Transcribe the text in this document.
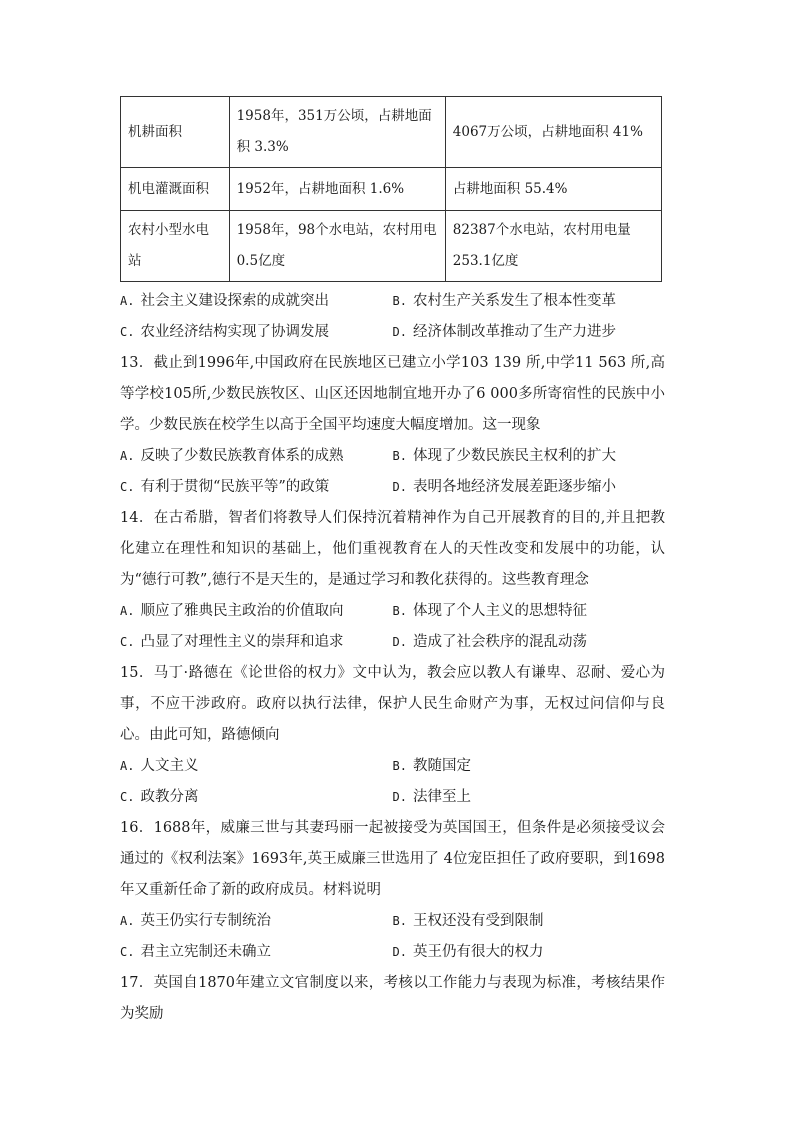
机耕面积	1958年，351万公顷，占耕地面积 3.3%	4067万公顷，占耕地面积 41%
机电灌溉面积	1952年，占耕地面积 1.6%	占耕地面积 55.4%
农村小型水电站	1958年，98个水电站，农村用电 0.5亿度	82387个水电站，农村用电量 253.1亿度
A. 社会主义建设探索的成就突出	B. 农村生产关系发生了根本性变革
C. 农业经济结构实现了协调发展	D. 经济体制改革推动了生产力进步

13．截止到1996年,中国政府在民族地区已建立小学103 139 所,中学11 563 所,高等学校105所,少数民族牧区、山区还因地制宜地开办了6 000多所寄宿性的民族中小学。少数民族在校学生以高于全国平均速度大幅度增加。这一现象

A. 反映了少数民族教育体系的成熟	B. 体现了少数民族民主权利的扩大
C. 有利于贯彻“民族平等”的政策	D. 表明各地经济发展差距逐步缩小

14．在古希腊，智者们将教导人们保持沉着精神作为自己开展教育的目的,并且把教化建立在理性和知识的基础上，他们重视教育在人的天性改变和发展中的功能，认为“德行可教”,德行不是天生的，是通过学习和教化获得的。这些教育理念

A. 顺应了雅典民主政治的价值取向	B. 体现了个人主义的思想特征
C. 凸显了对理性主义的崇拜和追求	D. 造成了社会秩序的混乱动荡

15．马丁·路德在《论世俗的权力》文中认为，教会应以教人有谦卑、忍耐、爱心为事，不应干涉政府。政府以执行法律，保护人民生命财产为事，无权过问信仰与良心。由此可知，路德倾向

A. 人文主义	B. 教随国定
C. 政教分离	D. 法律至上

16．1688年，威廉三世与其妻玛丽一起被接受为英国国王，但条件是必须接受议会通过的《权利法案》1693年,英王威廉三世选用了 4位宠臣担任了政府要职，到1698年又重新任命了新的政府成员。材料说明

A. 英王仍实行专制统治	B. 王权还没有受到限制
C. 君主立宪制还未确立	D. 英王仍有很大的权力

17．英国自1870年建立文官制度以来，考核以工作能力与表现为标准，考核结果作为奖励
